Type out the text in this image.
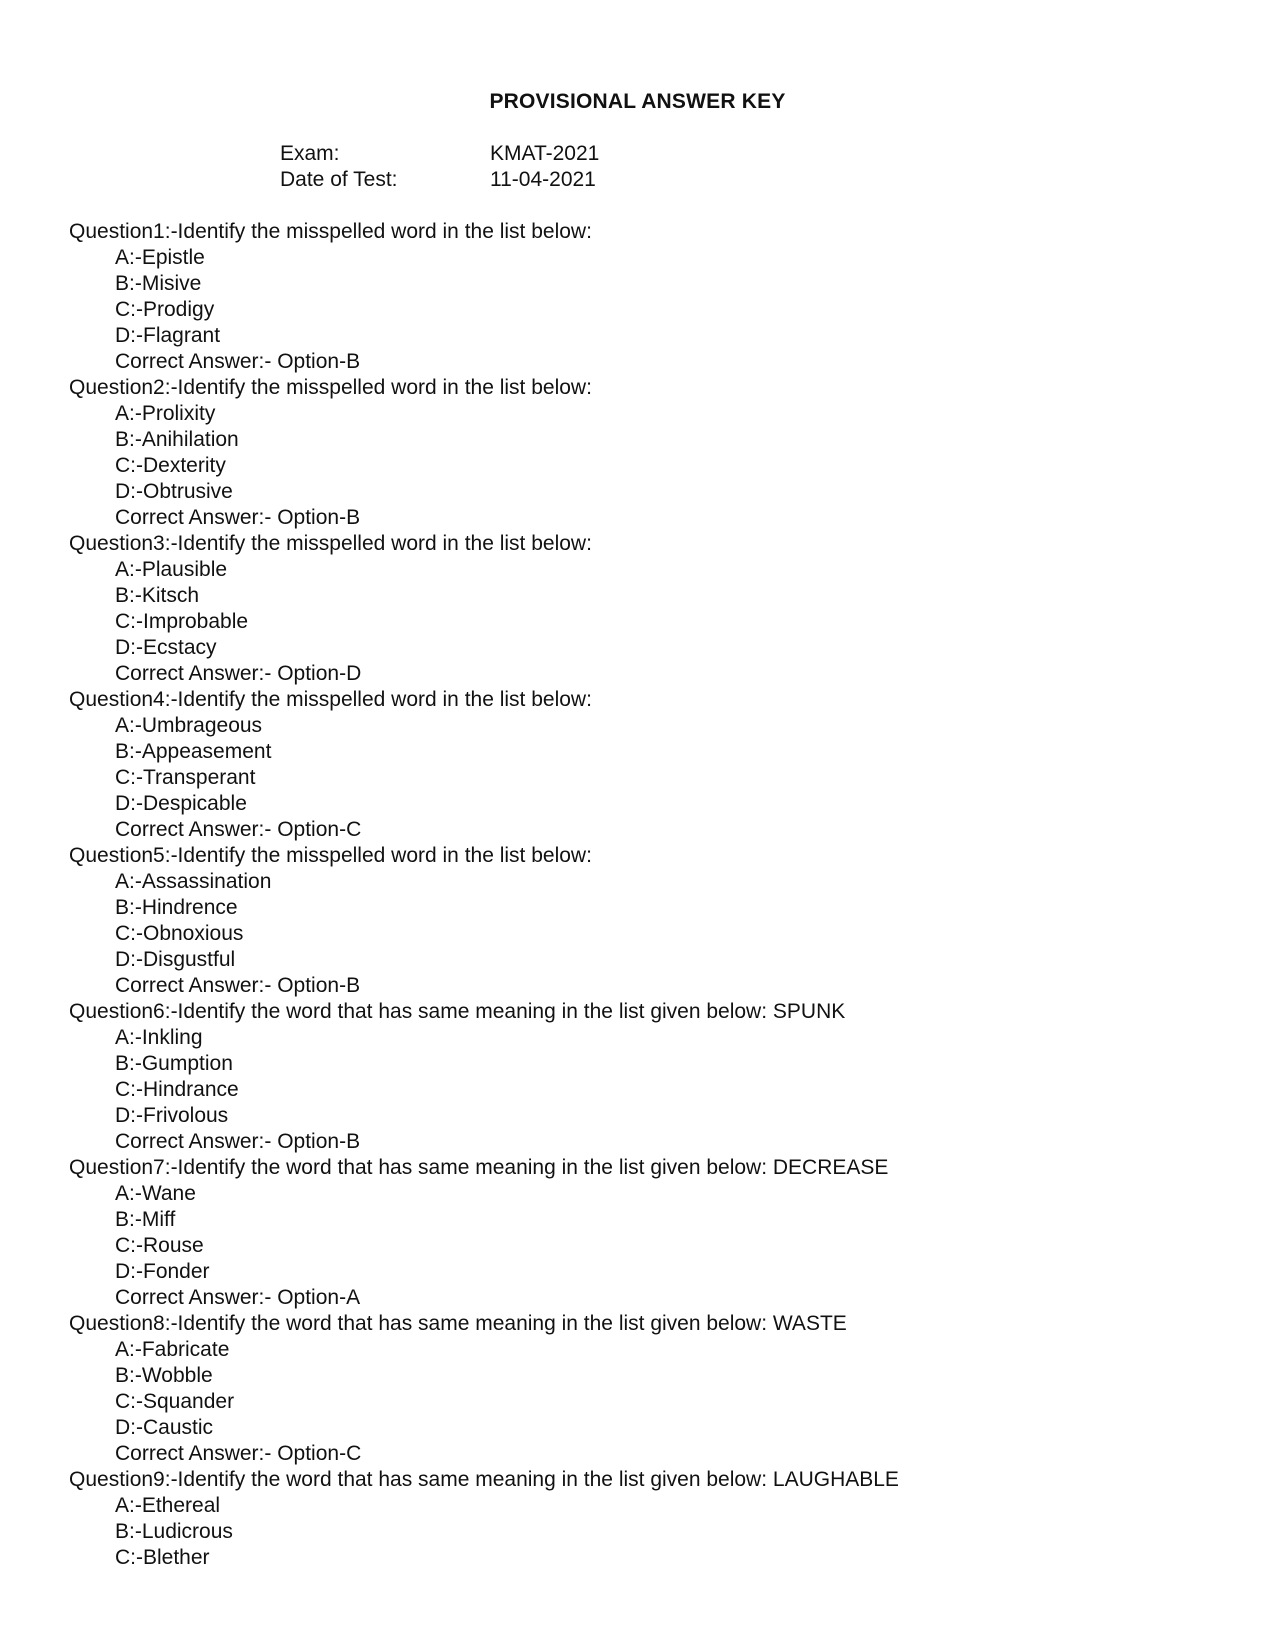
PROVISIONAL ANSWER KEY
Exam:	KMAT-2021
Date of Test:	11-04-2021
Question1:-Identify the misspelled word in the list below:
A:-Epistle
B:-Misive
C:-Prodigy
D:-Flagrant
Correct Answer:- Option-B
Question2:-Identify the misspelled word in the list below:
A:-Prolixity
B:-Anihilation
C:-Dexterity
D:-Obtrusive
Correct Answer:- Option-B
Question3:-Identify the misspelled word in the list below:
A:-Plausible
B:-Kitsch
C:-Improbable
D:-Ecstacy
Correct Answer:- Option-D
Question4:-Identify the misspelled word in the list below:
A:-Umbrageous
B:-Appeasement
C:-Transperant
D:-Despicable
Correct Answer:- Option-C
Question5:-Identify the misspelled word in the list below:
A:-Assassination
B:-Hindrence
C:-Obnoxious
D:-Disgustful
Correct Answer:- Option-B
Question6:-Identify the word that has same meaning in the list given below: SPUNK
A:-Inkling
B:-Gumption
C:-Hindrance
D:-Frivolous
Correct Answer:- Option-B
Question7:-Identify the word that has same meaning in the list given below: DECREASE
A:-Wane
B:-Miff
C:-Rouse
D:-Fonder
Correct Answer:- Option-A
Question8:-Identify the word that has same meaning in the list given below: WASTE
A:-Fabricate
B:-Wobble
C:-Squander
D:-Caustic
Correct Answer:- Option-C
Question9:-Identify the word that has same meaning in the list given below: LAUGHABLE
A:-Ethereal
B:-Ludicrous
C:-Blether
